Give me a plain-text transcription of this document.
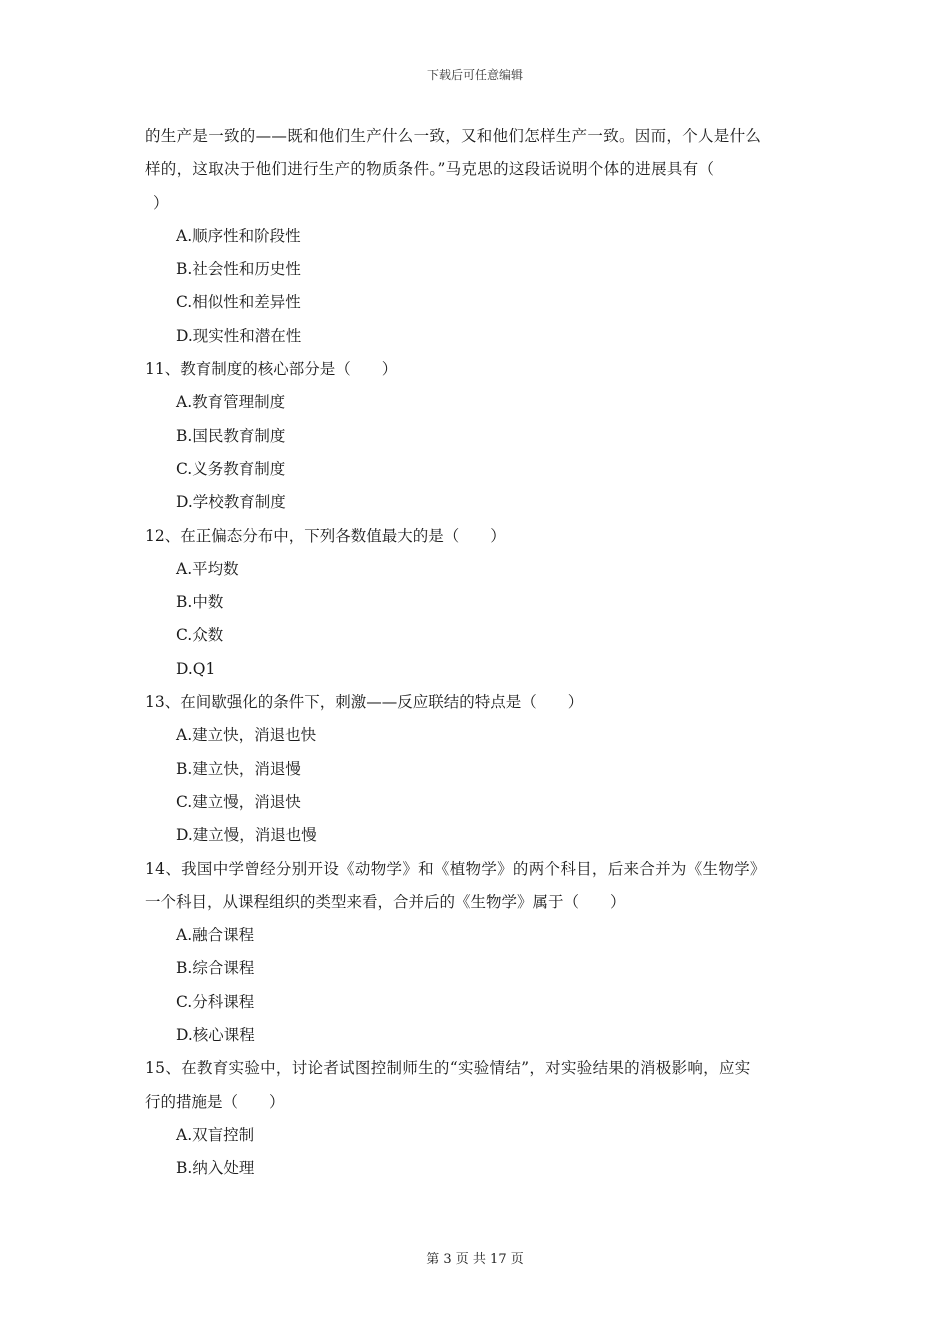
下载后可任意编辑
的生产是一致的——既和他们生产什么一致，又和他们怎样生产一致。因而，个人是什么
样的，这取决于他们进行生产的物质条件。”马克思的这段话说明个体的进展具有（
）
A.顺序性和阶段性
B.社会性和历史性
C.相似性和差异性
D.现实性和潜在性
11、教育制度的核心部分是（　　）
A.教育管理制度
B.国民教育制度
C.义务教育制度
D.学校教育制度
12、在正偏态分布中，下列各数值最大的是（　　）
A.平均数
B.中数
C.众数
D.Q1
13、在间歇强化的条件下，刺激——反应联结的特点是（　　）
A.建立快，消退也快
B.建立快，消退慢
C.建立慢，消退快
D.建立慢，消退也慢
14、我国中学曾经分别开设《动物学》和《植物学》的两个科目，后来合并为《生物学》
一个科目，从课程组织的类型来看，合并后的《生物学》属于（　　）
A.融合课程
B.综合课程
C.分科课程
D.核心课程
15、在教育实验中，讨论者试图控制师生的“实验情结”，对实验结果的消极影响，应实
行的措施是（　　）
A.双盲控制
B.纳入处理
第 3 页 共 17 页
